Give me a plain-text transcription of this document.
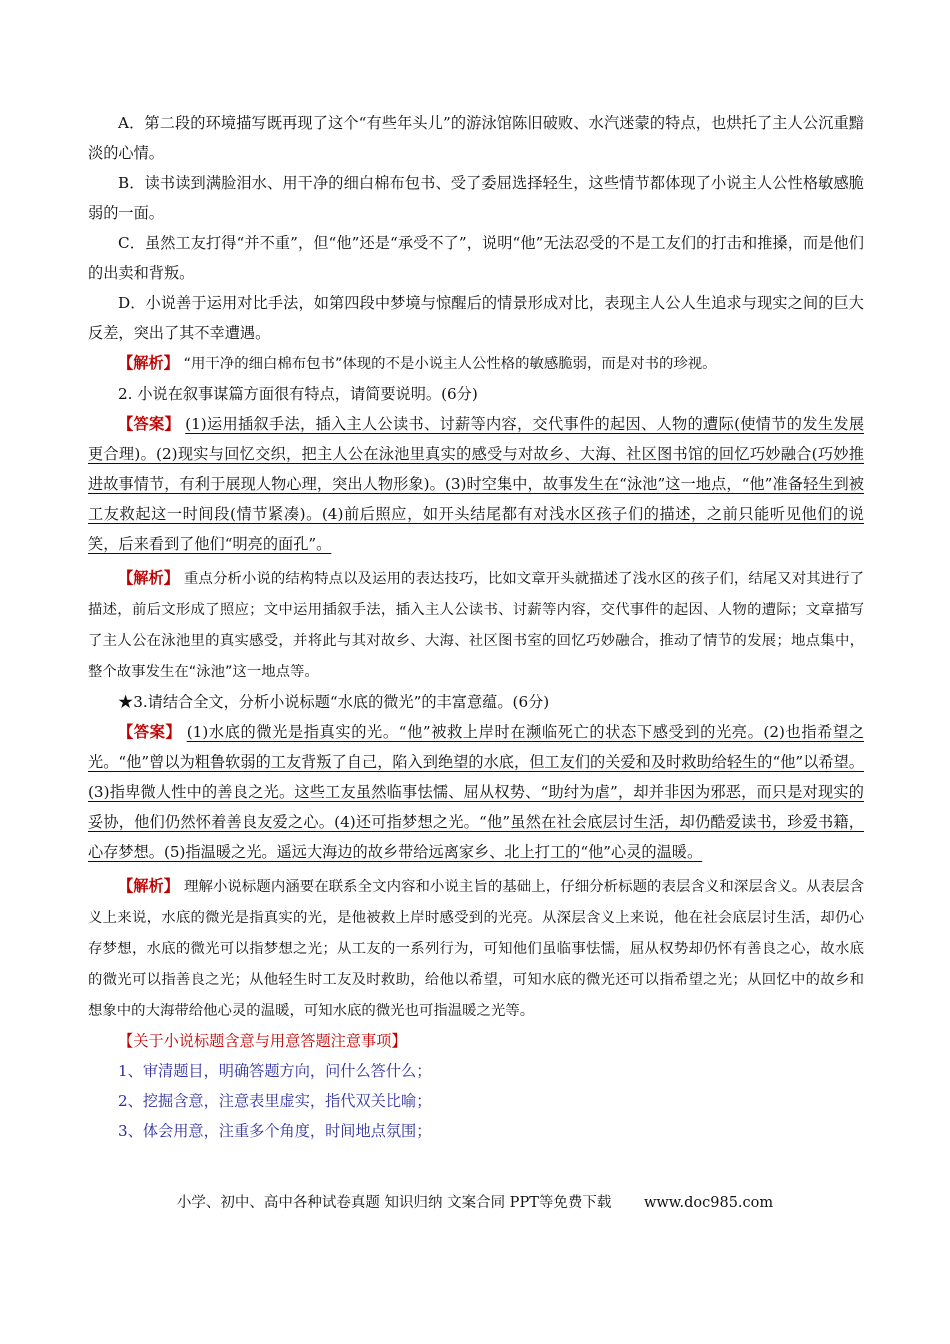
A．第二段的环境描写既再现了这个“有些年头儿”的游泳馆陈旧破败、水汽迷蒙的特点，也烘托了主人公沉重黯淡的心情。

B．读书读到满脸泪水、用干净的细白棉布包书、受了委屈选择轻生，这些情节都体现了小说主人公性格敏感脆弱的一面。

C．虽然工友打得“并不重”，但“他”还是“承受不了”，说明“他”无法忍受的不是工友们的打击和推搡，而是他们的出卖和背叛。

D．小说善于运用对比手法，如第四段中梦境与惊醒后的情景形成对比，表现主人公人生追求与现实之间的巨大反差，突出了其不幸遭遇。

【解析】 “用干净的细白棉布包书”体现的不是小说主人公性格的敏感脆弱，而是对书的珍视。

2. 小说在叙事谋篇方面很有特点，请简要说明。(6分)

【答案】 (1)运用插叙手法，插入主人公读书、讨薪等内容，交代事件的起因、人物的遭际(使情节的发生发展更合理)。(2)现实与回忆交织，把主人公在泳池里真实的感受与对故乡、大海、社区图书馆的回忆巧妙融合(巧妙推进故事情节，有利于展现人物心理，突出人物形象)。(3)时空集中，故事发生在“泳池”这一地点，“他”准备轻生到被工友救起这一时间段(情节紧凑)。(4)前后照应，如开头结尾都有对浅水区孩子们的描述，之前只能听见他们的说笑，后来看到了他们“明亮的面孔”。

【解析】 重点分析小说的结构特点以及运用的表达技巧，比如文章开头就描述了浅水区的孩子们，结尾又对其进行了描述，前后文形成了照应；文中运用插叙手法，插入主人公读书、讨薪等内容，交代事件的起因、人物的遭际；文章描写了主人公在泳池里的真实感受，并将此与其对故乡、大海、社区图书室的回忆巧妙融合，推动了情节的发展；地点集中，整个故事发生在“泳池”这一地点等。

★3.请结合全文，分析小说标题“水底的微光”的丰富意蕴。(6分)

【答案】 (1)水底的微光是指真实的光。“他”被救上岸时在濒临死亡的状态下感受到的光亮。(2)也指希望之光。“他”曾以为粗鲁软弱的工友背叛了自己，陷入到绝望的水底，但工友们的关爱和及时救助给轻生的“他”以希望。(3)指卑微人性中的善良之光。这些工友虽然临事怯懦、屈从权势、“助纣为虐”，却并非因为邪恶，而只是对现实的妥协，他们仍然怀着善良友爱之心。(4)还可指梦想之光。“他”虽然在社会底层讨生活，却仍酷爱读书，珍爱书籍，心存梦想。(5)指温暖之光。遥远大海边的故乡带给远离家乡、北上打工的“他”心灵的温暖。

【解析】 理解小说标题内涵要在联系全文内容和小说主旨的基础上，仔细分析标题的表层含义和深层含义。从表层含义上来说，水底的微光是指真实的光，是他被救上岸时感受到的光亮。从深层含义上来说，他在社会底层讨生活，却仍心存梦想，水底的微光可以指梦想之光；从工友的一系列行为，可知他们虽临事怯懦，屈从权势却仍怀有善良之心，故水底的微光可以指善良之光；从他轻生时工友及时救助，给他以希望，可知水底的微光还可以指希望之光；从回忆中的故乡和想象中的大海带给他心灵的温暖，可知水底的微光也可指温暖之光等。

【关于小说标题含意与用意答题注意事项】

1、审清题目，明确答题方向，问什么答什么；

2、挖掘含意，注意表里虚实，指代双关比喻；

3、体会用意，注重多个角度，时间地点氛围；

小学、初中、高中各种试卷真题 知识归纳 文案合同 PPT等免费下载 www.doc985.com
